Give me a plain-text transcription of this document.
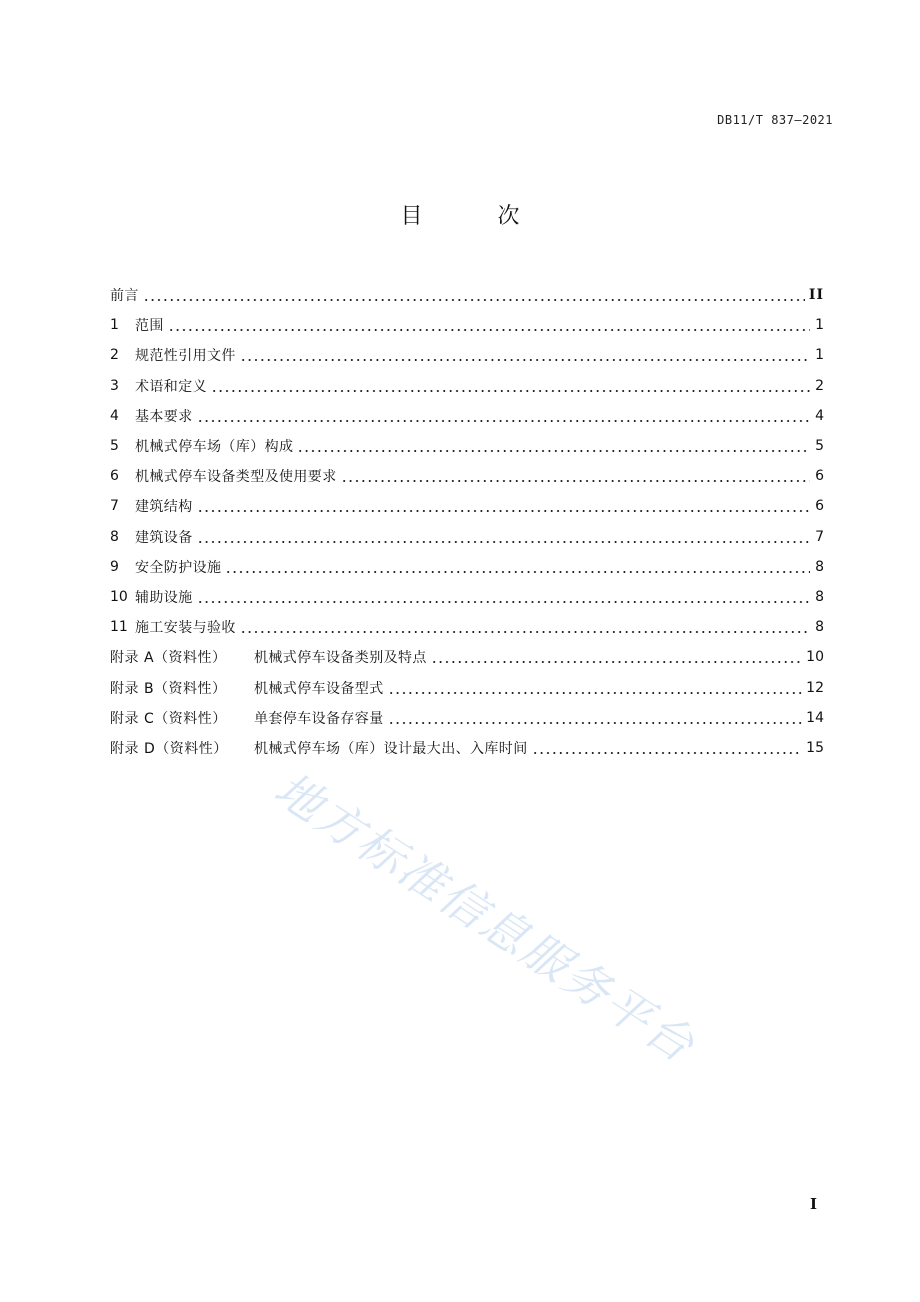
DB11/T 837—2021
目 次
前言	II
1	范围	1
2	规范性引用文件	1
3	术语和定义	2
4	基本要求	4
5	机械式停车场（库）构成	5
6	机械式停车设备类型及使用要求	6
7	建筑结构	6
8	建筑设备	7
9	安全防护设施	8
10 辅助设施	8
11 施工安装与验收	8
附录 A（资料性）	机械式停车设备类别及特点	10
附录 B（资料性）	机械式停车设备型式	12
附录 C（资料性）	单套停车设备存容量	14
附录 D（资料性）	机械式停车场（库）设计最大出、入库时间	15
地方标准信息服务平台
I
